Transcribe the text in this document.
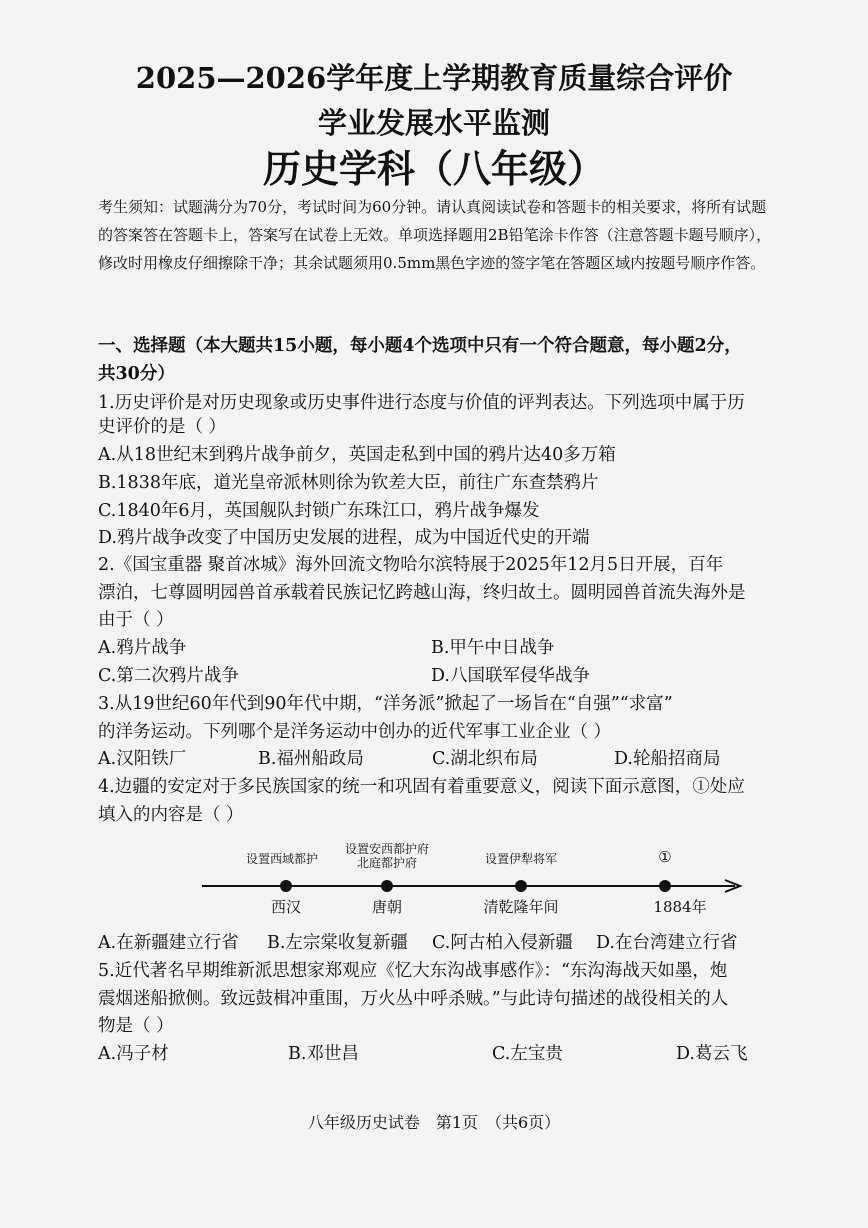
2025—2026学年度上学期教育质量综合评价
学业发展水平监测
历史学科（八年级）
考生须知：试题满分为70分，考试时间为60分钟。请认真阅读试卷和答题卡的相关要求，将所有试题的答案答在答题卡上，答案写在试卷上无效。单项选择题用2B铅笔涂卡作答（注意答题卡题号顺序），修改时用橡皮仔细擦除干净；其余试题须用0.5mm黑色字迹的签字笔在答题区域内按题号顺序作答。
一、选择题（本大题共15小题，每小题4个选项中只有一个符合题意，每小题2分，
共30分）
1.历史评价是对历史现象或历史事件进行态度与价值的评判表达。下列选项中属于历
史评价的是（ ）
A.从18世纪末到鸦片战争前夕，英国走私到中国的鸦片达40多万箱
B.1838年底，道光皇帝派林则徐为钦差大臣，前往广东查禁鸦片
C.1840年6月，英国舰队封锁广东珠江口，鸦片战争爆发
D.鸦片战争改变了中国历史发展的进程，成为中国近代史的开端
2.《国宝重器 聚首冰城》海外回流文物哈尔滨特展于2025年12月5日开展，百年
漂泊，七尊圆明园兽首承载着民族记忆跨越山海，终归故土。圆明园兽首流失海外是
由于（ ）
A.鸦片战争	B.甲午中日战争
C.第二次鸦片战争	D.八国联军侵华战争
3.从19世纪60年代到90年代中期，“洋务派”掀起了一场旨在“自强”“求富”
的洋务运动。下列哪个是洋务运动中创办的近代军事工业企业（ ）
A.汉阳铁厂	B.福州船政局	C.湖北织布局	D.轮船招商局
4.边疆的安定对于多民族国家的统一和巩固有着重要意义，阅读下面示意图，①处应
填入的内容是（ ）
设置西域都护
设置安西都护府
北庭都护府	设置伊犁将军	①
西汉	唐朝	清乾隆年间	1884年
A.在新疆建立行省 B.左宗棠收复新疆 C.阿古柏入侵新疆 D.在台湾建立行省
5.近代著名早期维新派思想家郑观应《忆大东沟战事感作》：“东沟海战天如墨，炮
震烟迷船掀侧。致远鼓楫冲重围，万火丛中呼杀贼。”与此诗句描述的战役相关的人
物是（ ）
A.冯子材	B.邓世昌	C.左宝贵	D.葛云飞
八年级历史试卷　第1页　（共6页）
